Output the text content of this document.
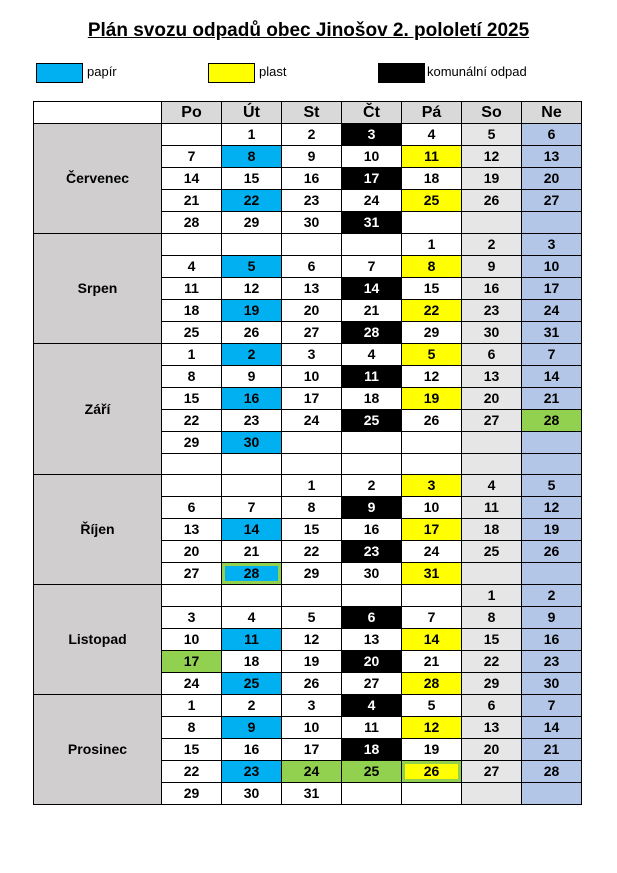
Plán svozu odpadů obec Jinošov 2. pololetí 2025
papír	plast	komunální odpad
	Po	Út	St	Čt	Pá	So	Ne
Červenec		1	2	3	4	5	6
	7	8	9	10	11	12	13
	14	15	16	17	18	19	20
	21	22	23	24	25	26	27
	28	29	30	31			
Srpen					1	2	3
	4	5	6	7	8	9	10
	11	12	13	14	15	16	17
	18	19	20	21	22	23	24
	25	26	27	28	29	30	31
Září	1	2	3	4	5	6	7
	8	9	10	11	12	13	14
	15	16	17	18	19	20	21
	22	23	24	25	26	27	28
	29	30					

Říjen			1	2	3	4	5
	6	7	8	9	10	11	12
	13	14	15	16	17	18	19
	20	21	22	23	24	25	26
	27	28	29	30	31		
Listopad						1	2
	3	4	5	6	7	8	9
	10	11	12	13	14	15	16
	17	18	19	20	21	22	23
	24	25	26	27	28	29	30
Prosinec	1	2	3	4	5	6	7
	8	9	10	11	12	13	14
	15	16	17	18	19	20	21
	22	23	24	25	26	27	28
	29	30	31				
